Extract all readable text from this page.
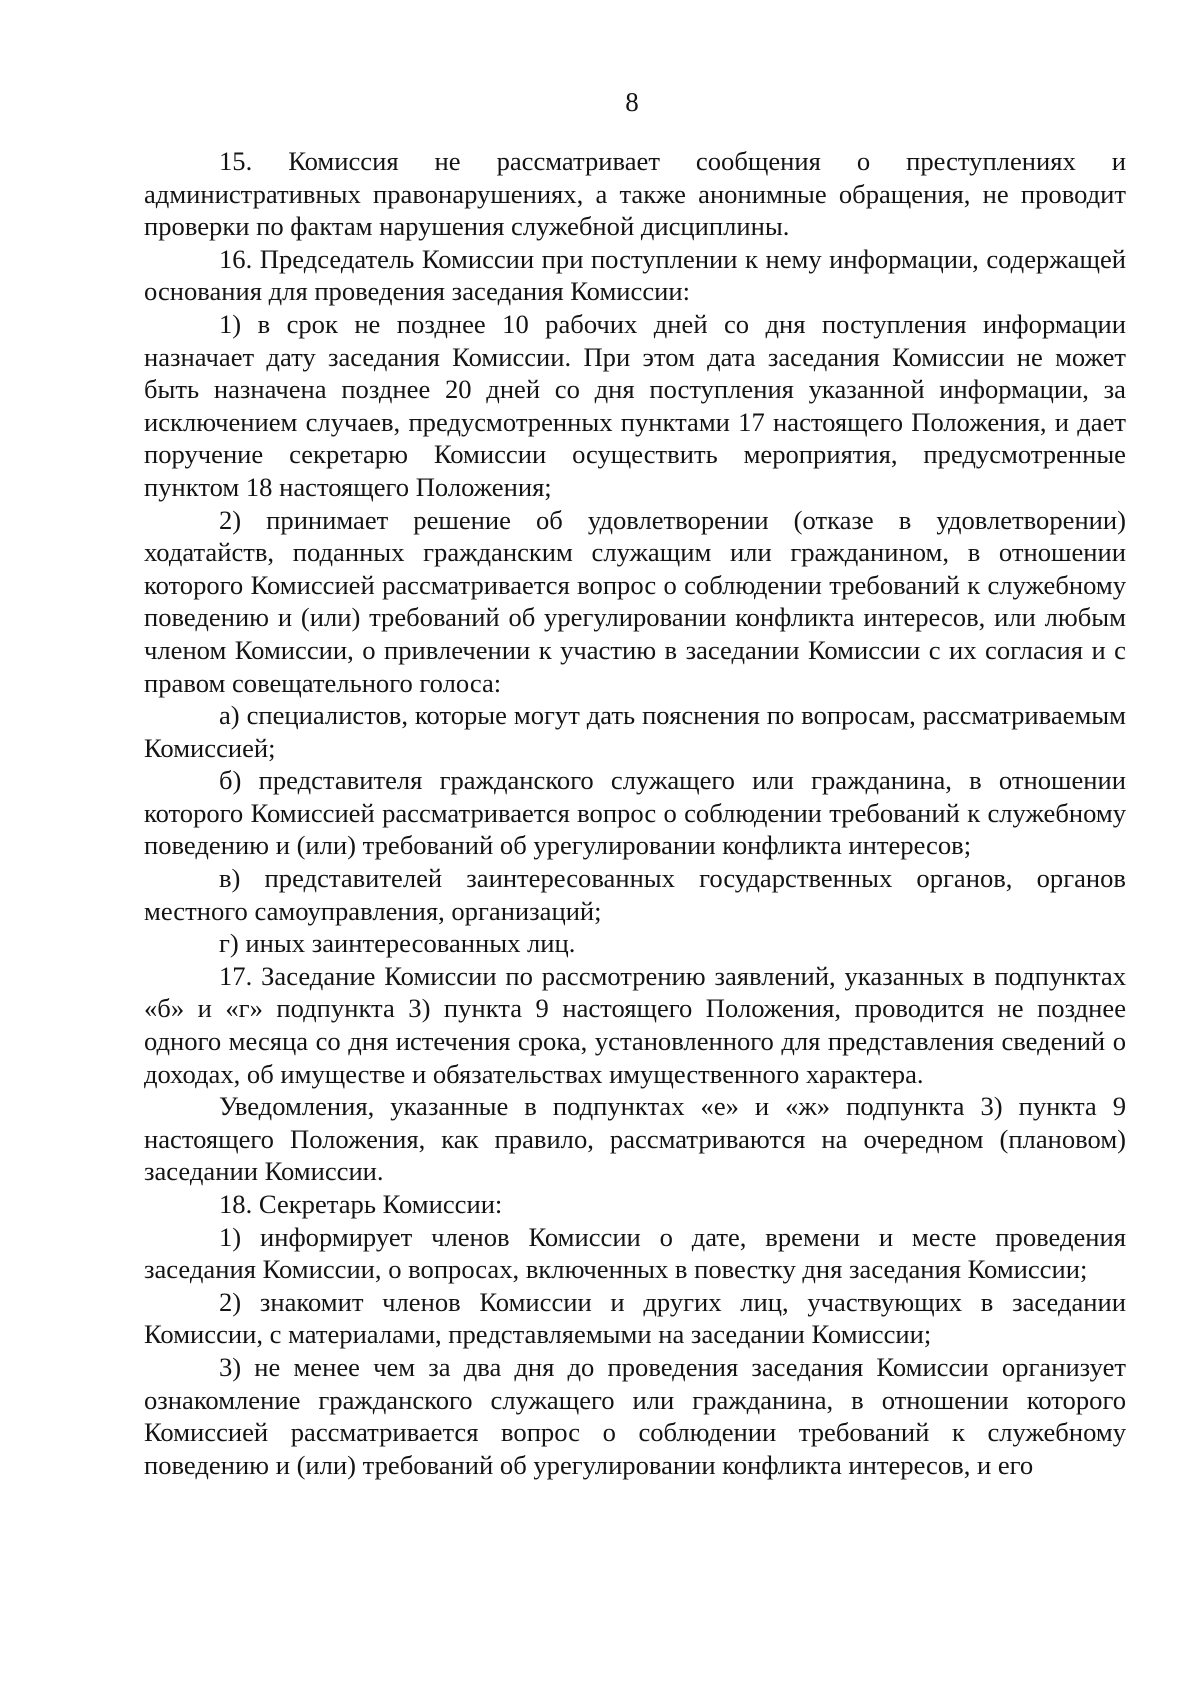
8

15. Комиссия не рассматривает сообщения о преступлениях и административных правонарушениях, а также анонимные обращения, не проводит проверки по фактам нарушения служебной дисциплины.

16. Председатель Комиссии при поступлении к нему информации, содержащей основания для проведения заседания Комиссии:

1) в срок не позднее 10 рабочих дней со дня поступления информации назначает дату заседания Комиссии. При этом дата заседания Комиссии не может быть назначена позднее 20 дней со дня поступления указанной информации, за исключением случаев, предусмотренных пунктами 17 настоящего Положения, и дает поручение секретарю Комиссии осуществить мероприятия, предусмотренные пунктом 18 настоящего Положения;

2) принимает решение об удовлетворении (отказе в удовлетворении) ходатайств, поданных гражданским служащим или гражданином, в отношении которого Комиссией рассматривается вопрос о соблюдении требований к служебному поведению и (или) требований об урегулировании конфликта интересов, или любым членом Комиссии, о привлечении к участию в заседании Комиссии с их согласия и с правом совещательного голоса:

а) специалистов, которые могут дать пояснения по вопросам, рассматриваемым Комиссией;

б) представителя гражданского служащего или гражданина, в отношении которого Комиссией рассматривается вопрос о соблюдении требований к служебному поведению и (или) требований об урегулировании конфликта интересов;

в) представителей заинтересованных государственных органов, органов местного самоуправления, организаций;

г) иных заинтересованных лиц.

17. Заседание Комиссии по рассмотрению заявлений, указанных в подпунктах «б» и «г» подпункта 3) пункта 9 настоящего Положения, проводится не позднее одного месяца со дня истечения срока, установленного для представления сведений о доходах, об имуществе и обязательствах имущественного характера.

Уведомления, указанные в подпунктах «е» и «ж» подпункта 3) пункта 9 настоящего Положения, как правило, рассматриваются на очередном (плановом) заседании Комиссии.

18. Секретарь Комиссии:

1) информирует членов Комиссии о дате, времени и месте проведения заседания Комиссии, о вопросах, включенных в повестку дня заседания Комиссии;

2) знакомит членов Комиссии и других лиц, участвующих в заседании Комиссии, с материалами, представляемыми на заседании Комиссии;

3) не менее чем за два дня до проведения заседания Комиссии организует ознакомление гражданского служащего или гражданина, в отношении которого Комиссией рассматривается вопрос о соблюдении требований к служебному поведению и (или) требований об урегулировании конфликта интересов, и его
